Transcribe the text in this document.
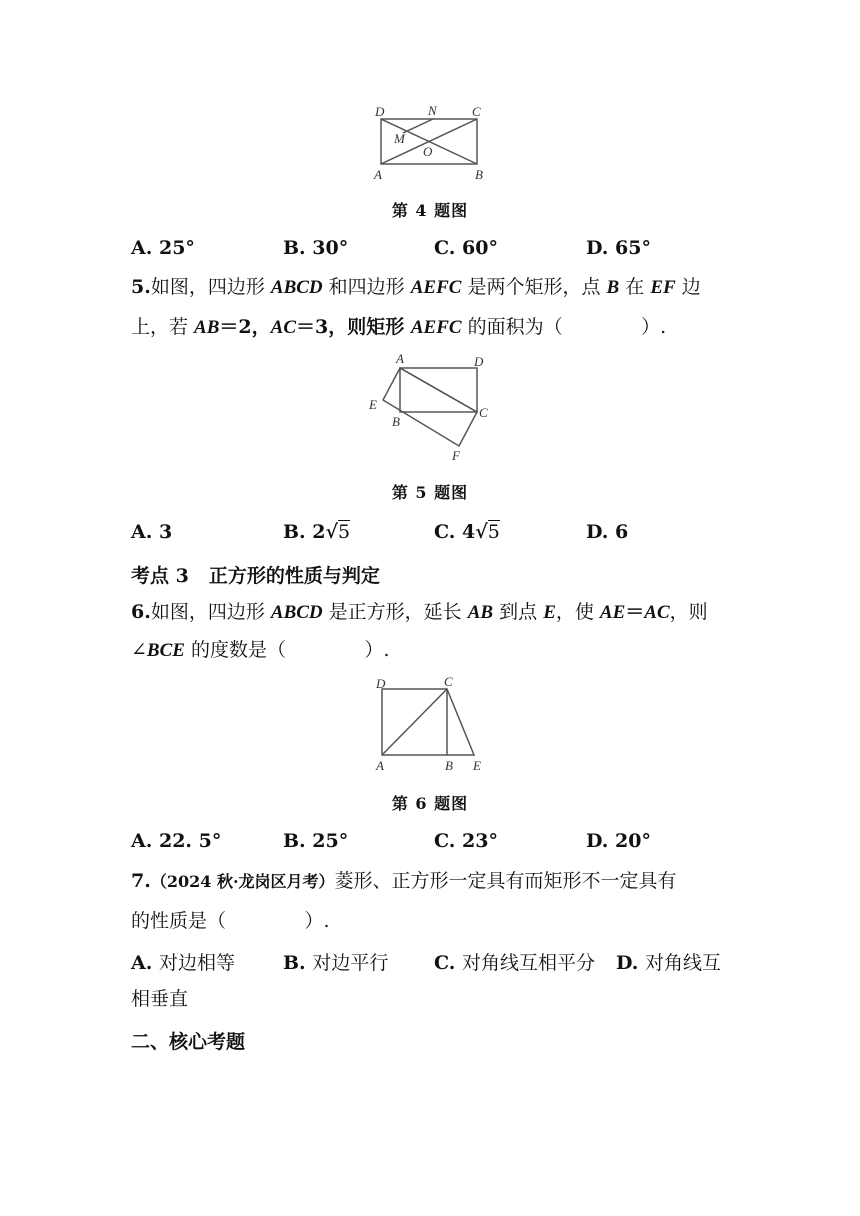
D	N	C
M
O
A	B
第 4 题图
A. 25°	B. 30°	C. 60°	D. 65°
5.如图，四边形 ABCD 和四边形 AEFC 是两个矩形，点 B 在 EF 边
上，若 AB＝2，AC＝3，则矩形 AEFC 的面积为（	）.
A	D
E
B
C
F
第 5 题图
A. 3	B. 2√5	C. 4√5	D. 6
考点 3 正方形的性质与判定
6.如图，四边形 ABCD 是正方形，延长 AB 到点 E，使 AE＝AC，则
∠BCE 的度数是（	）.
D	C
A	B E
第 6 题图
A. 22. 5°	B. 25°	C. 23°	D. 20°
7.（2024 秋·龙岗区月考）菱形、正方形一定具有而矩形不一定具有
的性质是（             ）.
A. 对边相等	B. 对边平行 C. 对角线互相平分 D. 对角线互
相垂直
二、核心考题
